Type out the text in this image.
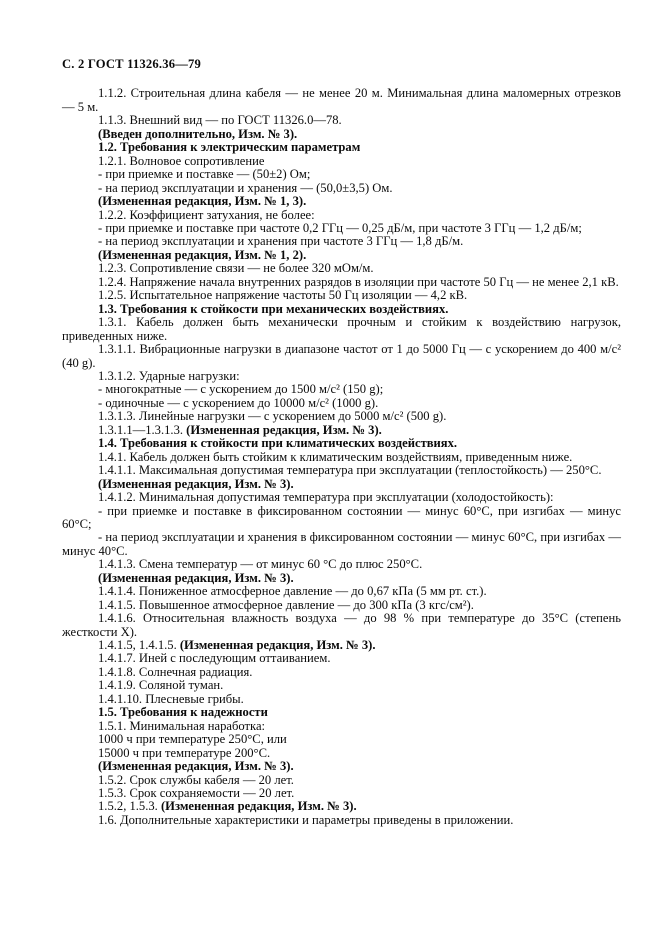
С. 2 ГОСТ 11326.36—79

1.1.2. Строительная длина кабеля — не менее 20 м. Минимальная длина маломерных отрезков — 5 м.

1.1.3. Внешний вид — по ГОСТ 11326.0—78.

(Введен дополнительно, Изм. № 3).

1.2. Требования к электрическим параметрам

1.2.1. Волновое сопротивление

- при приемке и поставке — (50±2) Ом;

- на период эксплуатации и хранения — (50,0±3,5) Ом.

(Измененная редакция, Изм. № 1, 3).

1.2.2. Коэффициент затухания, не более:

- при приемке и поставке при частоте 0,2 ГГц — 0,25 дБ/м, при частоте 3 ГГц — 1,2 дБ/м;

- на период эксплуатации и хранения при частоте 3 ГГц — 1,8 дБ/м.

(Измененная редакция, Изм. № 1, 2).

1.2.3. Сопротивление связи — не более 320 мОм/м.

1.2.4. Напряжение начала внутренних разрядов в изоляции при частоте 50 Гц — не менее 2,1 кВ.

1.2.5. Испытательное напряжение частоты 50 Гц изоляции — 4,2 кВ.

1.3. Требования к стойкости при механических воздействиях.

1.3.1. Кабель должен быть механически прочным и стойким к воздействию нагрузок, приведенных ниже.

1.3.1.1. Вибрационные нагрузки в диапазоне частот от 1 до 5000 Гц — с ускорением до 400 м/с² (40 g).

1.3.1.2. Ударные нагрузки:

- многократные — с ускорением до 1500 м/с² (150 g);

- одиночные — с ускорением до 10000 м/с² (1000 g).

1.3.1.3. Линейные нагрузки — с ускорением до 5000 м/с² (500 g).

1.3.1.1—1.3.1.3. (Измененная редакция, Изм. № 3).

1.4. Требования к стойкости при климатических воздействиях.

1.4.1. Кабель должен быть стойким к климатическим воздействиям, приведенным ниже.

1.4.1.1. Максимальная допустимая температура при эксплуатации (теплостойкость) — 250°С.

(Измененная редакция, Изм. № 3).

1.4.1.2. Минимальная допустимая температура при эксплуатации (холодостойкость):

- при приемке и поставке в фиксированном состоянии — минус 60°С, при изгибах — минус 60°С;

- на период эксплуатации и хранения в фиксированном состоянии — минус 60°С, при изгибах — минус 40°С.

1.4.1.3. Смена температур — от минус 60 °С до плюс 250°С.

(Измененная редакция, Изм. № 3).

1.4.1.4. Пониженное атмосферное давление — до 0,67 кПа (5 мм рт. ст.).

1.4.1.5. Повышенное атмосферное давление — до 300 кПа (3 кгс/см²).

1.4.1.6. Относительная влажность воздуха — до 98 % при температуре до 35°С (степень жесткости X).

1.4.1.5, 1.4.1.5. (Измененная редакция, Изм. № 3).

1.4.1.7. Иней с последующим оттаиванием.

1.4.1.8. Солнечная радиация.

1.4.1.9. Соляной туман.

1.4.1.10. Плесневые грибы.

1.5. Требования к надежности

1.5.1. Минимальная наработка:

1000 ч при температуре 250°С, или

15000 ч при температуре 200°С.

(Измененная редакция, Изм. № 3).

1.5.2. Срок службы кабеля — 20 лет.

1.5.3. Срок сохраняемости — 20 лет.

1.5.2, 1.5.3. (Измененная редакция, Изм. № 3).

1.6. Дополнительные характеристики и параметры приведены в приложении.
